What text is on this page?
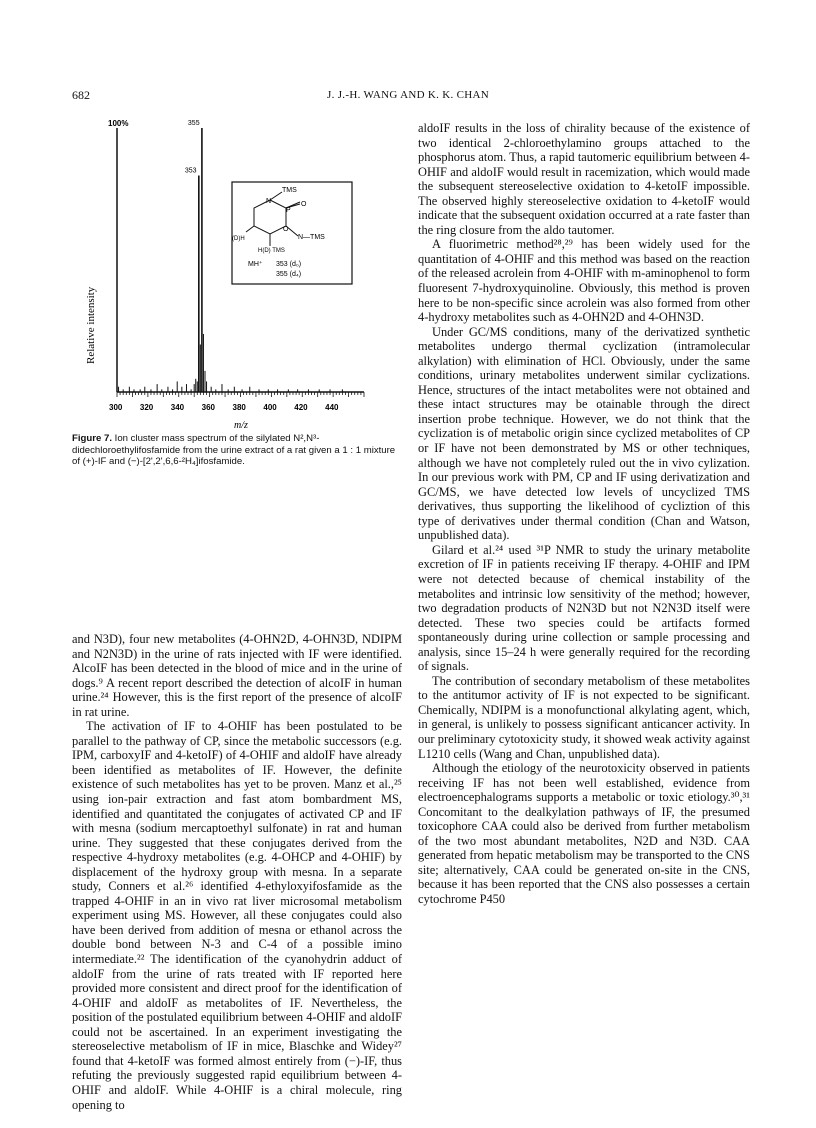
682	J. J.-H. WANG AND K. K. CHAN
Relative intensity
100%
300 320 340 360 380 400 420 440
355
353
m/z
TMS
N
P
O
O
N—TMS
(D)H
H(D) TMS
MH⁺ 353 (d₀)
355 (d₄)
Figure 7. Ion cluster mass spectrum of the silylated N²,N³-didechloroethylifosfamide from the urine extract of a rat given a 1 : 1 mixture of (+)-IF and (−)-[2',2',6,6-²H₄]ifosfamide.

and N3D), four new metabolites (4-OHN2D, 4-OHN3D, NDIPM and N2N3D) in the urine of rats injected with IF were identified. AlcoIF has been detected in the blood of mice and in the urine of dogs.⁹ A recent report described the detection of alcoIF in human urine.²⁴ However, this is the first report of the presence of alcoIF in rat urine.

The activation of IF to 4-OHIF has been postulated to be parallel to the pathway of CP, since the metabolic successors (e.g. IPM, carboxyIF and 4-ketoIF) of 4-OHIF and aldoIF have already been identified as metabolites of IF. However, the definite existence of such metabolites has yet to be proven. Manz et al.,²⁵ using ion-pair extraction and fast atom bombardment MS, identified and quantitated the conjugates of activated CP and IF with mesna (sodium mercaptoethyl sulfonate) in rat and human urine. They suggested that these conjugates derived from the respective 4-hydroxy metabolites (e.g. 4-OHCP and 4-OHIF) by displacement of the hydroxy group with mesna. In a separate study, Conners et al.²⁶ identified 4-ethyloxyifosfamide as the trapped 4-OHIF in an in vivo rat liver microsomal metabolism experiment using MS. However, all these conjugates could also have been derived from addition of mesna or ethanol across the double bond between N-3 and C-4 of a possible imino intermediate.²² The identification of the cyanohydrin adduct of aldoIF from the urine of rats treated with IF reported here provided more consistent and direct proof for the identification of 4-OHIF and aldoIF as metabolites of IF. Nevertheless, the position of the postulated equilibrium between 4-OHIF and aldoIF could not be ascertained. In an experiment investigating the stereoselective metabolism of IF in mice, Blaschke and Widey²⁷ found that 4-ketoIF was formed almost entirely from (−)-IF, thus refuting the previously suggested rapid equilibrium between 4-OHIF and aldoIF. While 4-OHIF is a chiral molecule, ring opening to

aldoIF results in the loss of chirality because of the existence of two identical 2-chloroethylamino groups attached to the phosphorus atom. Thus, a rapid tautomeric equilibrium between 4-OHIF and aldoIF would result in racemization, which would made the subsequent stereoselective oxidation to 4-ketoIF impossible. The observed highly stereoselective oxidation to 4-ketoIF would indicate that the subsequent oxidation occurred at a rate faster than the ring closure from the aldo tautomer.

A fluorimetric method²⁸,²⁹ has been widely used for the quantitation of 4-OHIF and this method was based on the reaction of the released acrolein from 4-OHIF with m-aminophenol to form fluoresent 7-hydroxyquinoline. Obviously, this method is proven here to be non-specific since acrolein was also formed from other 4-hydroxy metabolites such as 4-OHN2D and 4-OHN3D.

Under GC/MS conditions, many of the derivatized synthetic metabolites undergo thermal cyclization (intramolecular alkylation) with elimination of HCl. Obviously, under the same conditions, urinary metabolites underwent similar cyclizations. Hence, structures of the intact metabolites were not obtained and these intact structures may be otainable through the direct insertion probe technique. However, we do not think that the cyclization is of metabolic origin since cyclized metabolites of CP or IF have not been demonstrated by MS or other techniques, although we have not completely ruled out the in vivo cylization. In our previous work with PM, CP and IF using derivatization and GC/MS, we have detected low levels of uncyclized TMS derivatives, thus supporting the likelihood of cycliztion of this type of derivatives under thermal condition (Chan and Watson, unpublished data).

Gilard et al.²⁴ used ³¹P NMR to study the urinary metabolite excretion of IF in patients receiving IF therapy. 4-OHIF and IPM were not detected because of chemical instability of the metabolites and intrinsic low sensitivity of the method; however, two degradation products of N2N3D but not N2N3D itself were detected. These two species could be artifacts formed spontaneously during urine collection or sample processing and analysis, since 15–24 h were generally required for the recording of signals.

The contribution of secondary metabolism of these metabolites to the antitumor activity of IF is not expected to be significant. Chemically, NDIPM is a monofunctional alkylating agent, which, in general, is unlikely to possess significant anticancer activity. In our preliminary cytotoxicity study, it showed weak activity against L1210 cells (Wang and Chan, unpublished data).

Although the etiology of the neurotoxicity observed in patients receiving IF has not been well established, evidence from electroencephalograms supports a metabolic or toxic etiology.³⁰,³¹ Concomitant to the dealkylation pathways of IF, the presumed toxicophore CAA could also be derived from further metabolism of the two most abundant metabolites, N2D and N3D. CAA generated from hepatic metabolism may be transported to the CNS site; alternatively, CAA could be generated on-site in the CNS, because it has been reported that the CNS also possesses a certain cytochrome P450
